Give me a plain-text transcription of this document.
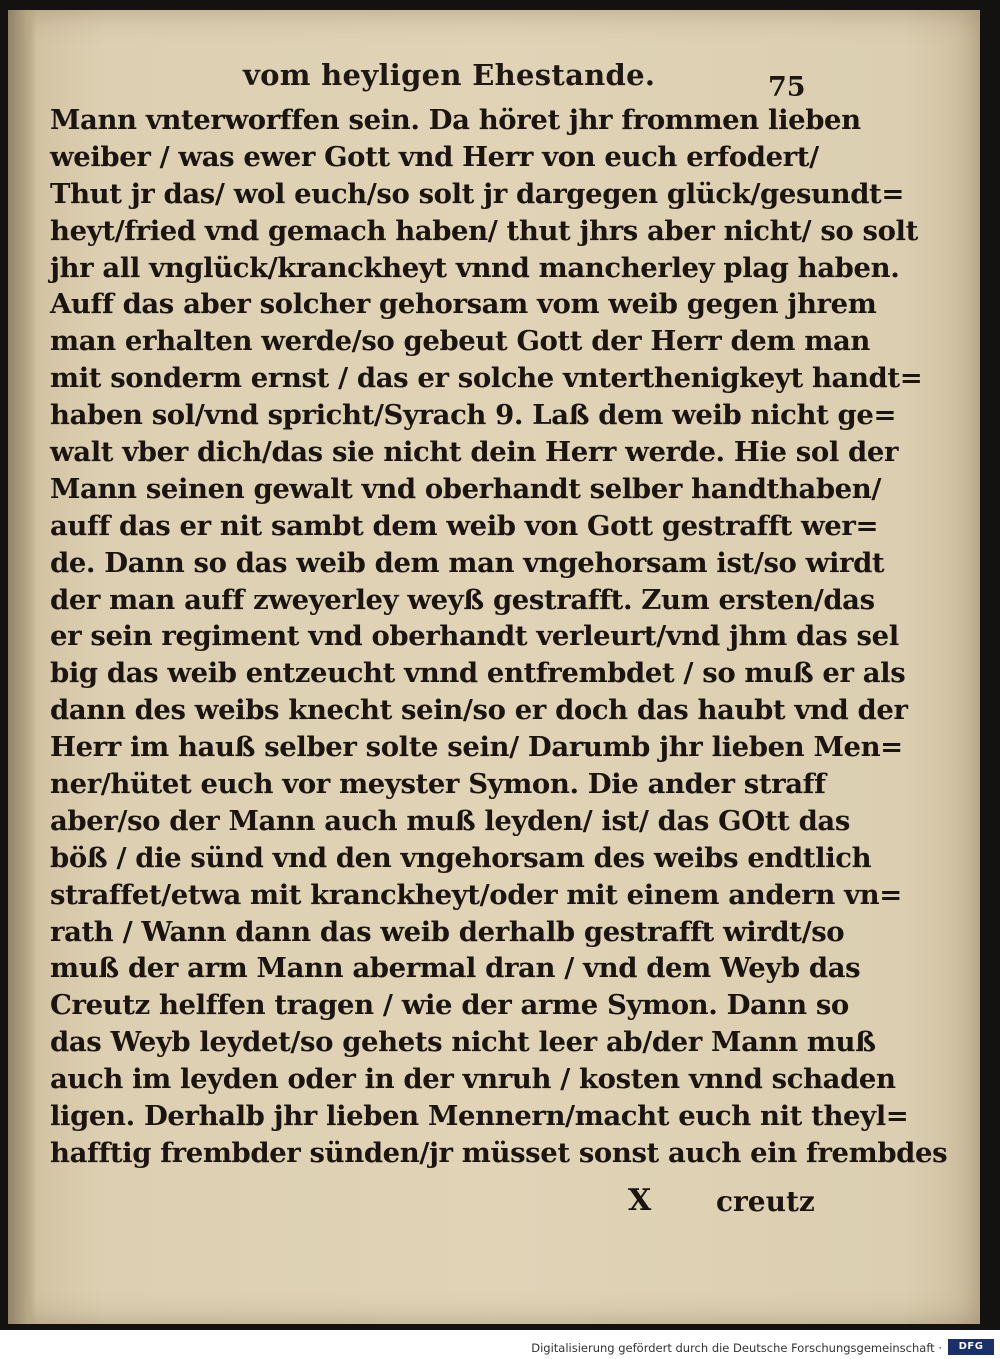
vom heyligen Ehestande.	75
Mann vnterworffen sein. Da höret jhr frommen lieben
weiber / was ewer Gott vnd Herr von euch erfodert/
Thut jr das/ wol euch/so solt jr dargegen glück/gesundt=
heyt/fried vnd gemach haben/ thut jhrs aber nicht/ so solt
jhr all vnglück/kranckheyt vnnd mancherley plag haben.
Auff das aber solcher gehorsam vom weib gegen jhrem
man erhalten werde/so gebeut Gott der Herr dem man
mit sonderm ernst / das er solche vnterthenigkeyt handt=
haben sol/vnd spricht/Syrach 9. Laß dem weib nicht ge=
walt vber dich/das sie nicht dein Herr werde. Hie sol der
Mann seinen gewalt vnd oberhandt selber handthaben/
auff das er nit sambt dem weib von Gott gestrafft wer=
de. Dann so das weib dem man vngehorsam ist/so wirdt
der man auff zweyerley weyß gestrafft. Zum ersten/das
er sein regiment vnd oberhandt verleurt/vnd jhm das sel
big das weib entzeucht vnnd entfrembdet / so muß er als
dann des weibs knecht sein/so er doch das haubt vnd der
Herr im hauß selber solte sein/ Darumb jhr lieben Men=
ner/hütet euch vor meyster Symon. Die ander straff
aber/so der Mann auch muß leyden/ ist/ das GOtt das
böß / die sünd vnd den vngehorsam des weibs endtlich
straffet/etwa mit kranckheyt/oder mit einem andern vn=
rath / Wann dann das weib derhalb gestrafft wirdt/so
muß der arm Mann abermal dran / vnd dem Weyb das
Creutz helffen tragen / wie der arme Symon. Dann so
das Weyb leydet/so gehets nicht leer ab/der Mann muß
auch im leyden oder in der vnruh / kosten vnnd schaden
ligen. Derhalb jhr lieben Mennern/macht euch nit theyl=
hafftig frembder sünden/jr müsset sonst auch ein frembdes
X creutz
Digitalisierung gefördert durch die Deutsche Forschungsgemeinschaft ·	DFG
